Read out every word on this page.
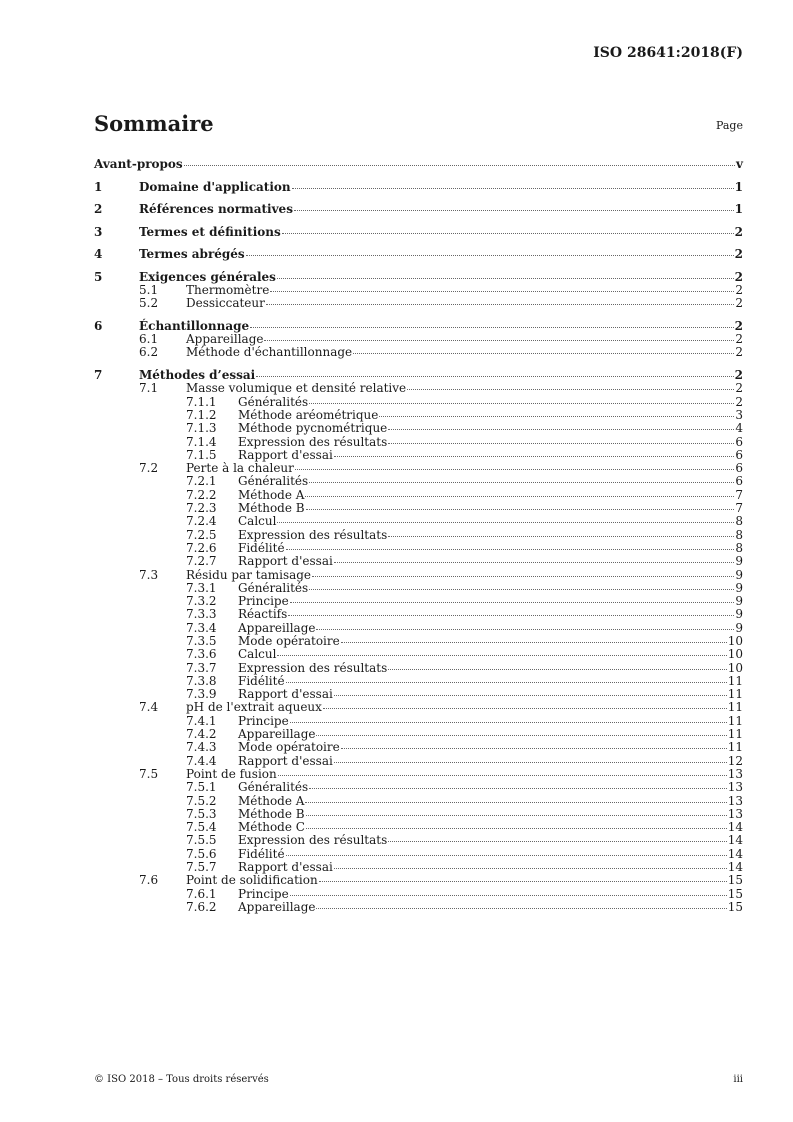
ISO 28641:2018(F)
Sommaire	Page
Avant-propos	v
1	Domaine d'application	1
2	Références normatives	1
3	Termes et définitions	2
4	Termes abrégés	2
5	Exigences générales	2
5.1 Thermomètre	2
5.2 Dessiccateur	2
6	Échantillonnage	2
6.1 Appareillage	2
6.2 Méthode d'échantillonnage	2
7	Méthodes d’essai	2
7.1 Masse volumique et densité relative	2
7.1.1 Généralités	2
7.1.2 Méthode aréométrique	3
7.1.3 Méthode pycnométrique	4
7.1.4 Expression des résultats	6
7.1.5 Rapport d'essai	6
7.2 Perte à la chaleur	6
7.2.1 Généralités	6
7.2.2 Méthode A	7
7.2.3 Méthode B	7
7.2.4 Calcul	8
7.2.5 Expression des résultats	8
7.2.6 Fidélité	8
7.2.7 Rapport d'essai	9
7.3 Résidu par tamisage	9
7.3.1 Généralités	9
7.3.2 Principe	9
7.3.3 Réactifs	9
7.3.4 Appareillage	9
7.3.5 Mode opératoire	10
7.3.6 Calcul	10
7.3.7 Expression des résultats	10
7.3.8 Fidélité	11
7.3.9 Rapport d'essai	11
7.4 pH de l'extrait aqueux	11
7.4.1 Principe	11
7.4.2 Appareillage	11
7.4.3 Mode opératoire	11
7.4.4 Rapport d'essai	12
7.5 Point de fusion	13
7.5.1 Généralités	13
7.5.2 Méthode A	13
7.5.3 Méthode B	13
7.5.4 Méthode C	14
7.5.5 Expression des résultats	14
7.5.6 Fidélité	14
7.5.7 Rapport d'essai	14
7.6 Point de solidification	15
7.6.1 Principe	15
7.6.2 Appareillage	15
© ISO 2018 – Tous droits réservés	iii
